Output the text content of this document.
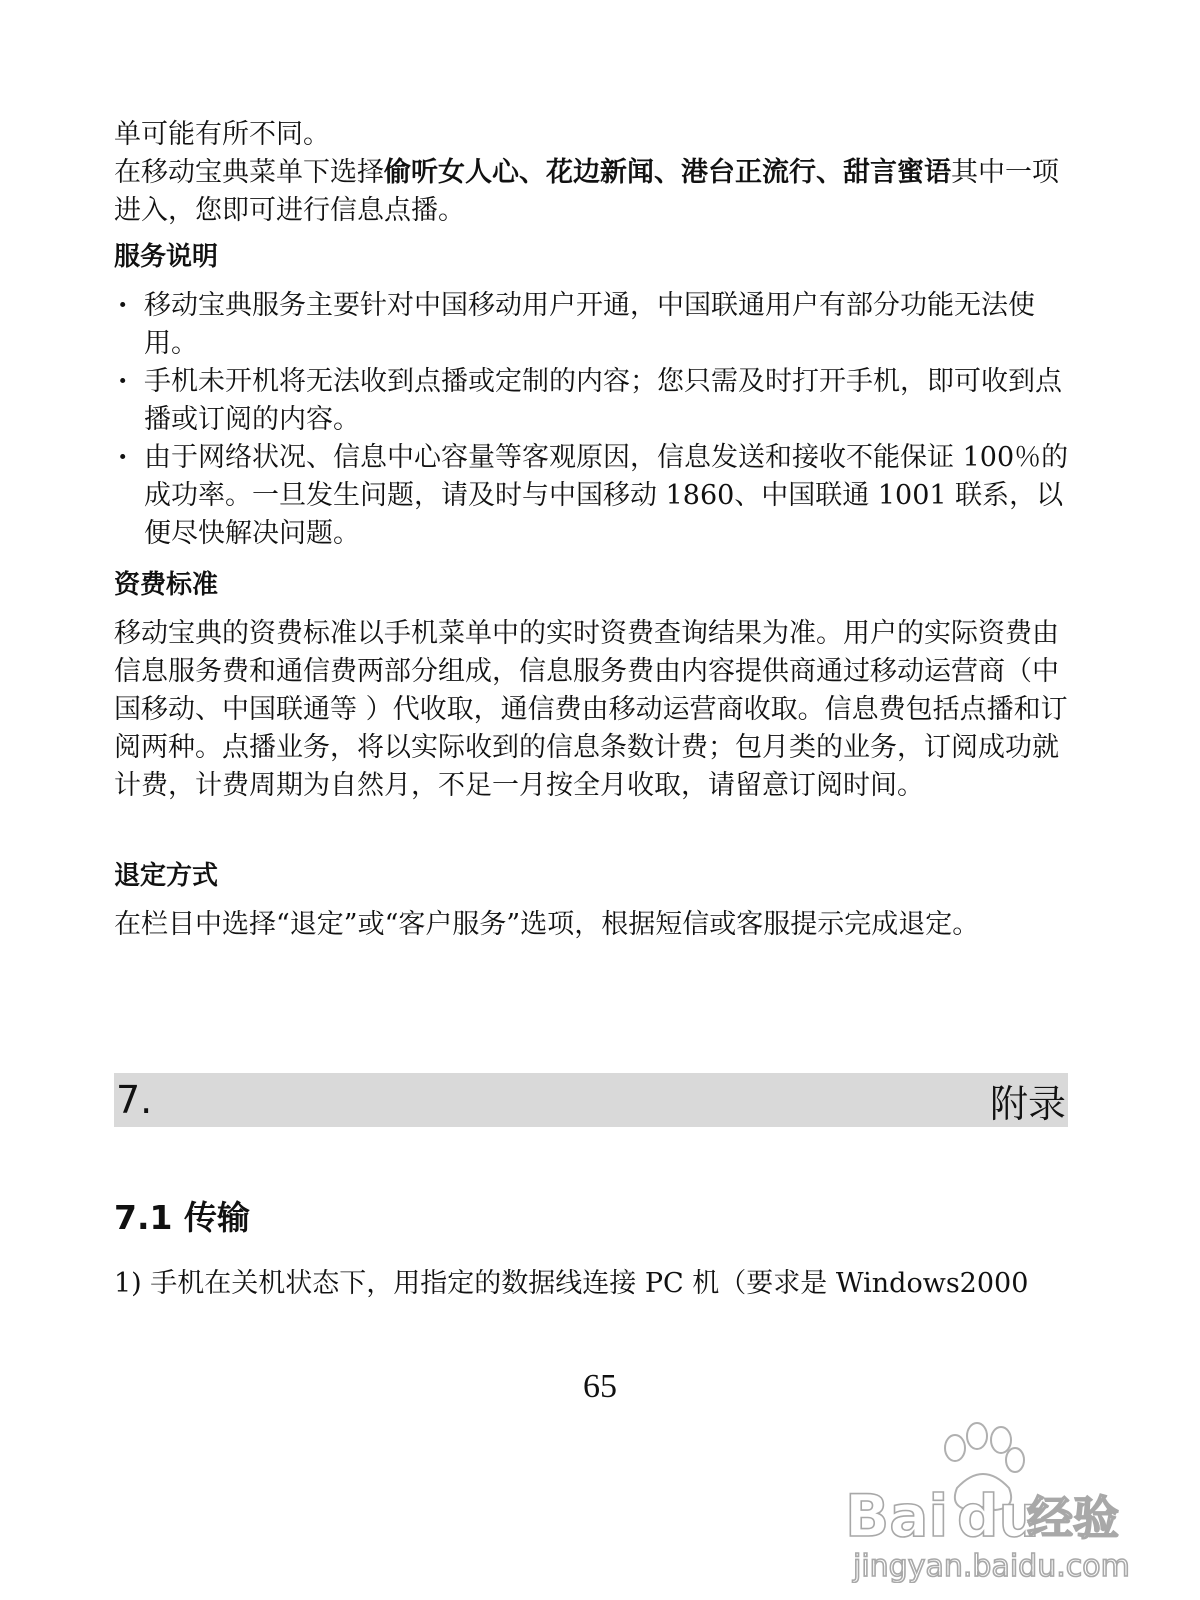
单可能有所不同。

在移动宝典菜单下选择偷听女人心、花边新闻、港台正流行、甜言蜜语其中一项进入，您即可进行信息点播。

服务说明
· 移动宝典服务主要针对中国移动用户开通，中国联通用户有部分功能无法使用。
· 手机未开机将无法收到点播或定制的内容；您只需及时打开手机，即可收到点播或订阅的内容。
· 由于网络状况、信息中心容量等客观原因，信息发送和接收不能保证 100％的成功率。一旦发生问题，请及时与中国移动 1860、中国联通 1001 联系，以便尽快解决问题。
资费标准

移动宝典的资费标准以手机菜单中的实时资费查询结果为准。用户的实际资费由信息服务费和通信费两部分组成，信息服务费由内容提供商通过移动运营商（中国移动、中国联通等 ）代收取，通信费由移动运营商收取。信息费包括点播和订阅两种。点播业务，将以实际收到的信息条数计费；包月类的业务，订阅成功就计费，计费周期为自然月，不足一月按全月收取，请留意订阅时间。

退定方式

在栏目中选择“退定”或“客户服务”选项，根据短信或客服提示完成退定。

7.	附录
7.1 传输

1) 手机在关机状态下，用指定的数据线连接 PC 机（要求是 Windows2000

65
Bai du
经验
jingyan.baidu.com
